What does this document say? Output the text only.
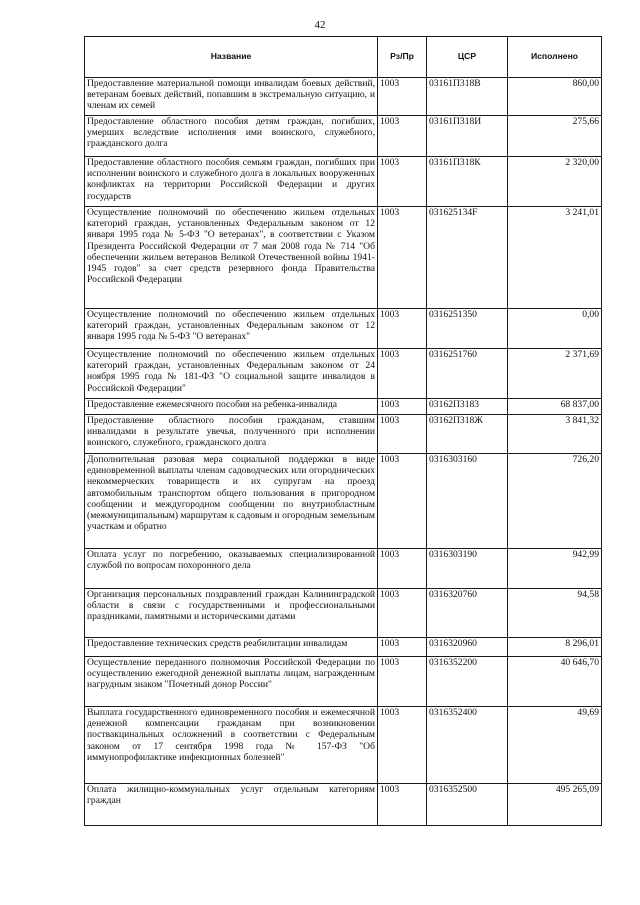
42
Название	Рз/Пр	ЦСР	Исполнено
Предоставление материальной помощи инвалидам боевых действий, ветеранам боевых действий, попавшим в экстремальную ситуацию, и членам их семей	1003	03161П318В	860,00
Предоставление областного пособия детям граждан, погибших, умерших вследствие исполнения ими воинского, служебного, гражданского долга	1003	03161П318И	275,66
Предоставление областного пособия семьям граждан, погибших при исполнении воинского и служебного долга в локальных вооруженных конфликтах на территории Российской Федерации и других государств	1003	03161П318К	2 320,00
Осуществление полномочий по обеспечению жильем отдельных категорий граждан, установленных Федеральным законом от 12 января 1995 года № 5-ФЗ "О ветеранах", в соответствии с Указом Президента Российской Федерации от 7 мая 2008 года № 714 "Об обеспечении жильем ветеранов Великой Отечественной войны 1941-1945 годов" за счет средств резервного фонда Правительства Российской Федерации	1003	031625134F	3 241,01
Осуществление полномочий по обеспечению жильем отдельных категорий граждан, установленных Федеральным законом от 12 января 1995 года № 5-ФЗ "О ветеранах"	1003	0316251350	0,00
Осуществление полномочий по обеспечению жильем отдельных категорий граждан, установленных Федеральным законом от 24 ноября 1995 года № 181-ФЗ "О социальной защите инвалидов в Российской Федерации"	1003	0316251760	2 371,69
Предоставление ежемесячного пособия на ребенка-инвалида	1003	03162П3183	68 837,00
Предоставление областного пособия гражданам, ставшим инвалидами в результате увечья, полученного при исполнении воинского, служебного, гражданского долга	1003	03162П318Ж	3 841,32
Дополнительная разовая мера социальной поддержки в виде единовременной выплаты членам садоводческих или огороднических некоммерческих товариществ и их супругам на проезд автомобильным транспортом общего пользования в пригородном сообщении и междугородном сообщении по внутриобластным (межмуниципальным) маршрутам к садовым и огородным земельным участкам и обратно	1003	0316303160	726,20
Оплата услуг по погребению, оказываемых специализированной службой по вопросам похоронного дела	1003	0316303190	942,99
Организация персональных поздравлений граждан Калининградской области в связи с государственными и профессиональными праздниками, памятными и историческими датами	1003	0316320760	94,58
Предоставление технических средств реабилитации инвалидам	1003	0316320960	8 296,01
Осуществление переданного полномочия Российской Федерации по осуществлению ежегодной денежной выплаты лицам, награжденным нагрудным знаком "Почетный донор России"	1003	0316352200	40 646,70
Выплата государственного единовременного пособия и ежемесячной денежной компенсации гражданам при возникновении поствакцинальных осложнений в соответствии с Федеральным законом от 17 сентября 1998 года № 157-ФЗ "Об иммунопрофилактике инфекционных болезней"	1003	0316352400	49,69
Оплата жилищно-коммунальных услуг отдельным категориям граждан	1003	0316352500	495 265,09
